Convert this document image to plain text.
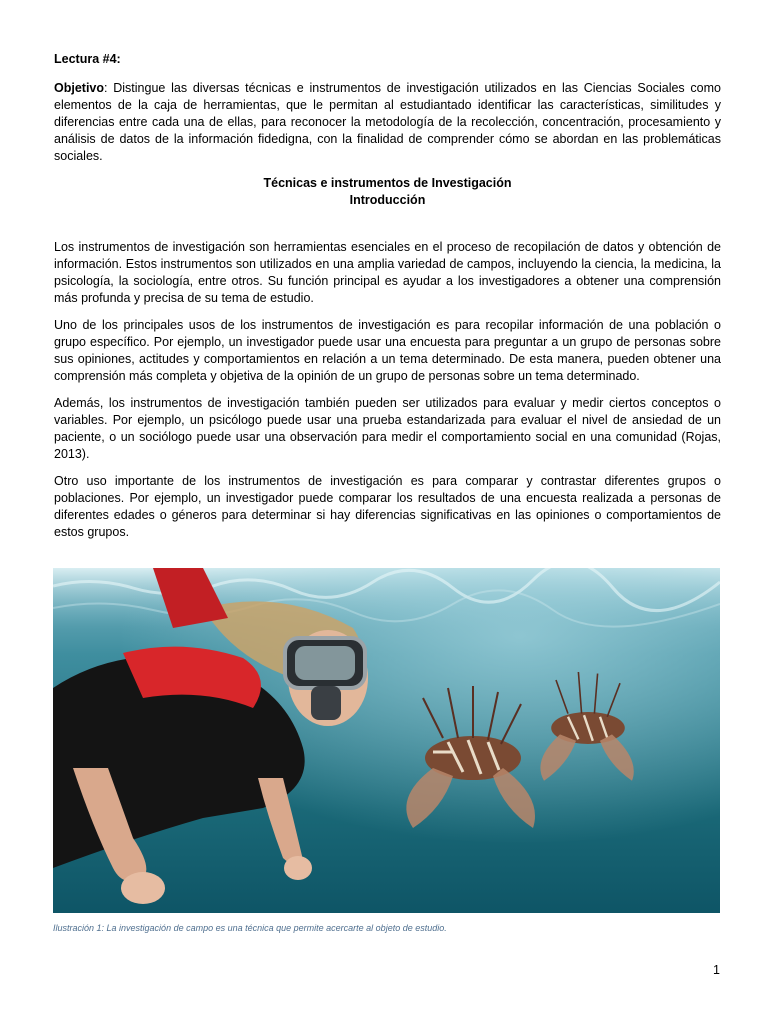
Lectura #4:

Objetivo: Distingue las diversas técnicas e instrumentos de investigación utilizados en las Ciencias Sociales como elementos de la caja de herramientas, que le permitan al estudiantado identificar las características, similitudes y diferencias entre cada una de ellas, para reconocer la metodología de la recolección, concentración, procesamiento y análisis de datos de la información fidedigna, con la finalidad de comprender cómo se abordan en las problemáticas sociales.

Técnicas e instrumentos de Investigación
Introducción

Los instrumentos de investigación son herramientas esenciales en el proceso de recopilación de datos y obtención de información. Estos instrumentos son utilizados en una amplia variedad de campos, incluyendo la ciencia, la medicina, la psicología, la sociología, entre otros. Su función principal es ayudar a los investigadores a obtener una comprensión más profunda y precisa de su tema de estudio.

Uno de los principales usos de los instrumentos de investigación es para recopilar información de una población o grupo específico. Por ejemplo, un investigador puede usar una encuesta para preguntar a un grupo de personas sobre sus opiniones, actitudes y comportamientos en relación a un tema determinado. De esta manera, pueden obtener una comprensión más completa y objetiva de la opinión de un grupo de personas sobre un tema determinado.

Además, los instrumentos de investigación también pueden ser utilizados para evaluar y medir ciertos conceptos o variables. Por ejemplo, un psicólogo puede usar una prueba estandarizada para evaluar el nivel de ansiedad de un paciente, o un sociólogo puede usar una observación para medir el comportamiento social en una comunidad (Rojas, 2013).

Otro uso importante de los instrumentos de investigación es para comparar y contrastar diferentes grupos o poblaciones. Por ejemplo, un investigador puede comparar los resultados de una encuesta realizada a personas de diferentes edades o géneros para determinar si hay diferencias significativas en las opiniones o comportamientos de estos grupos.

Ilustración 1: La investigación de campo es una técnica que permite acercarte al objeto de estudio.
1
